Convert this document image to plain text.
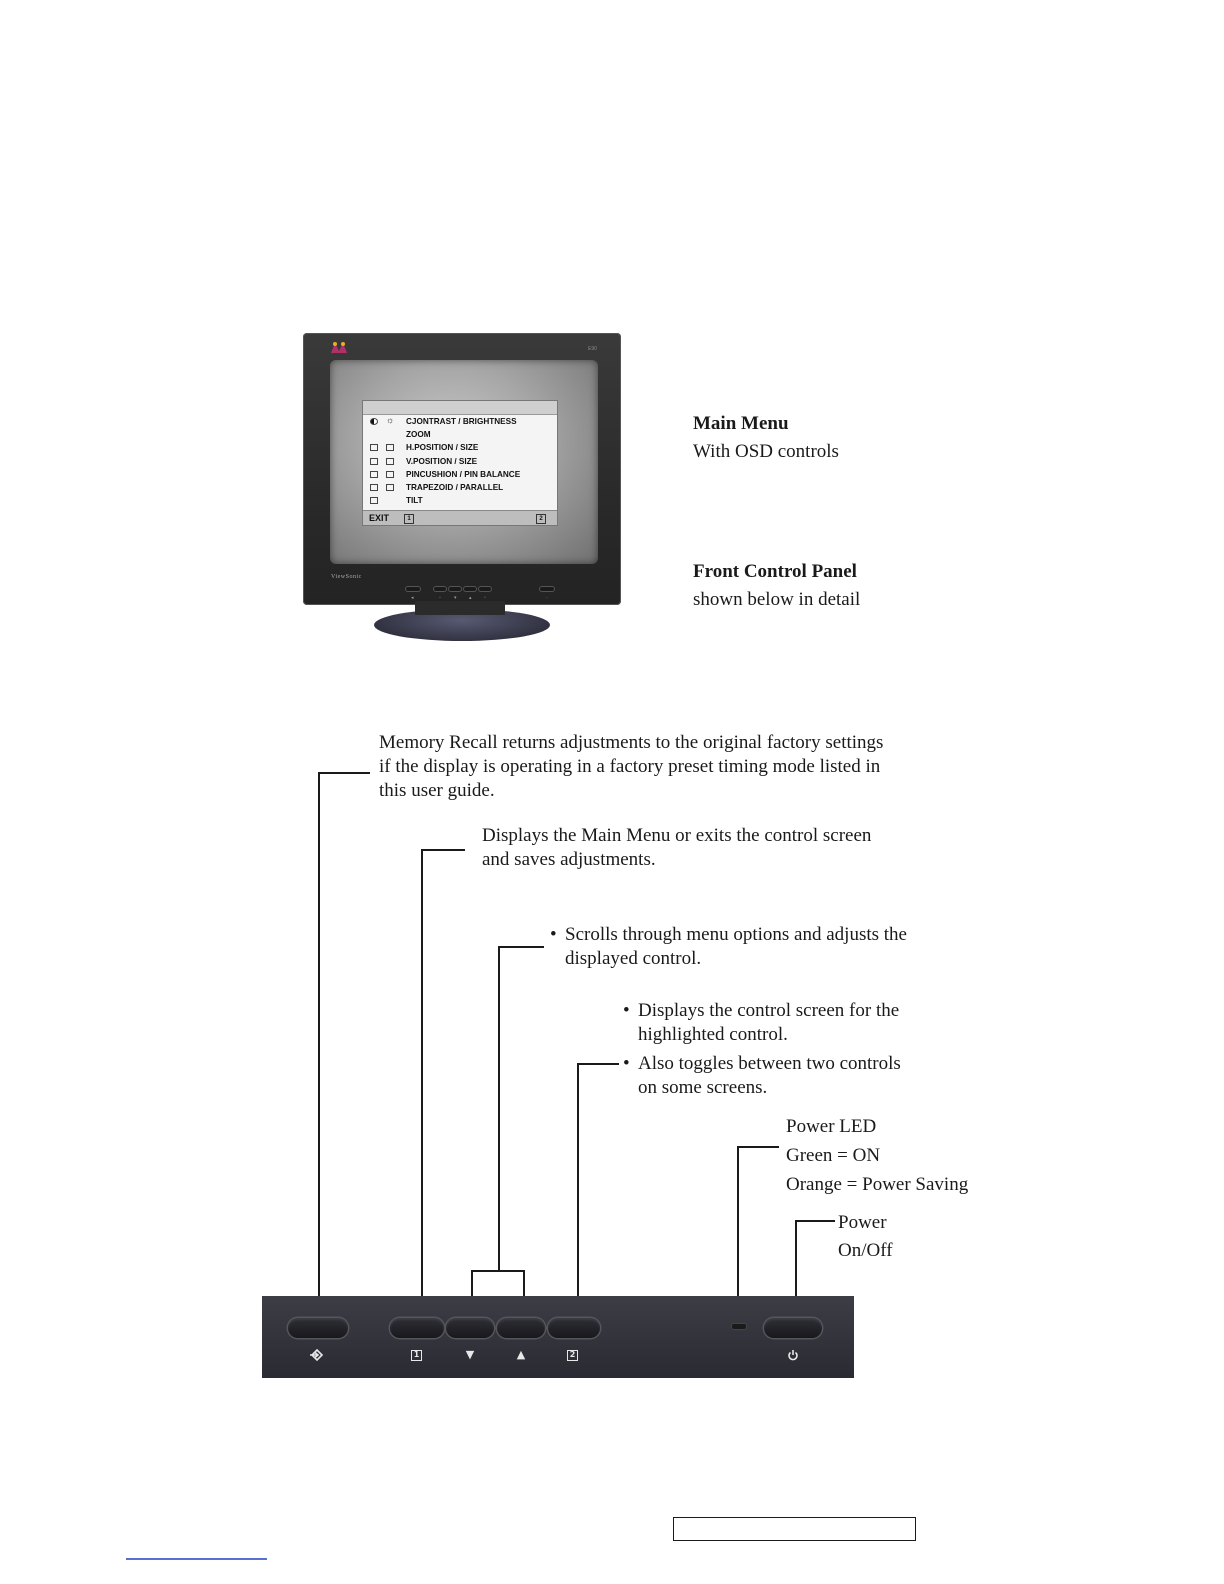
E90
☼ CJONTRAST / BRIGHTNESS
ZOOM
H.POSITION / SIZE
V.POSITION / SIZE
PINCUSHION / PIN BALANCE
TRAPEZOID / PARALLEL
TILT
EXIT	1	2
ViewSonic
◂	▫	▾ ▴ ▫	·
Main Menu
With OSD controls
Front Control Panel
shown below in detail
Memory Recall returns adjustments to the original factory settings
if the display is operating in a factory preset timing mode listed in
this user guide.
Displays the Main Menu or exits the control screen
and saves adjustments.
• Scrolls through menu options and adjusts the
displayed control.
• Displays the control screen for the
highlighted control.
• Also toggles between two controls
on some screens.
Power LED
Green = ON
Orange = Power Saving
Power
On/Off
1	▼	▲	2
